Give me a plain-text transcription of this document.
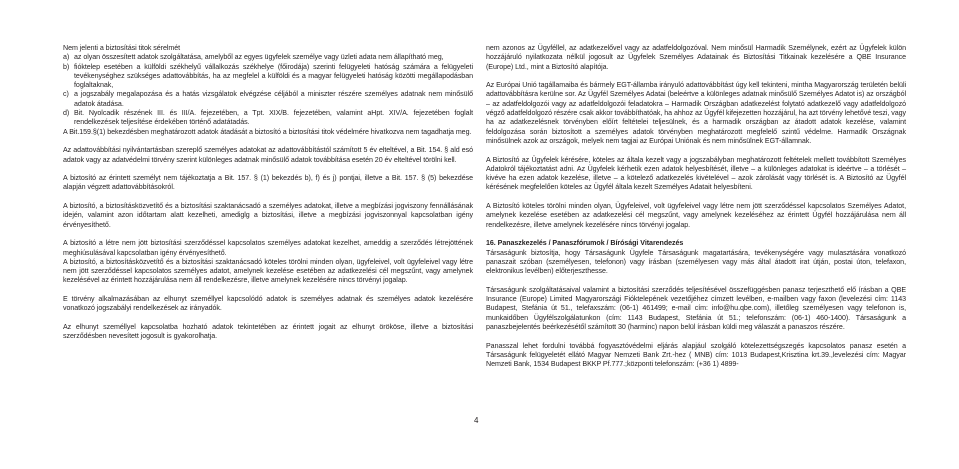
Nem jelenti a biztosítási titok sérelmét

a) az olyan összesített adatok szolgáltatása, amelyből az egyes ügyfelek személye vagy üzleti adata nem állapítható meg,
b) fióktelep esetében a külföldi székhelyű vállalkozás székhelye (főirodája) szerinti felügyeleti hatóság számára a felügyeleti tevékenységhez szükséges adattovábbítás, ha az megfelel a külföldi és a magyar felügyeleti hatóság közötti megállapodásban foglaltaknak,
c) a jogszabály megalapozása és a hatás vizsgálatok elvégzése céljából a miniszter részére személyes adatnak nem minősülő adatok átadása.
d) Bit. Nyolcadik részének III. és III/A. fejezetében, a Tpt. XIX/B. fejezetében, valamint aHpt. XIV/A. fejezetében foglalt rendelkezések teljesítése érdekében történő adatátadás.

A Bit.159.§(1) bekezdésben meghatározott adatok átadását a biztosító a biztosítási titok védelmére hivatkozva nem tagadhatja meg.

Az adattovábbítási nyilvántartásban szereplő személyes adatokat az adattovábbítástól számított 5 év elteltével, a Bit. 154. § ald esó adatok vagy az adatvédelmi törvény szerint különleges adatnak minősülő adatok továbbítása esetén 20 év elteltével törölni kell.

A biztosító az érintett személyt nem tájékoztatja a Bit. 157. § (1) bekezdés b), f) és j) pontjai, illetve a Bit. 157. § (5) bekezdése alapján végzett adattovábbításokról.

A biztosító, a biztosításközvetítő és a biztosítási szaktanácsadó a személyes adatokat, illetve a megbízási jogviszony fennállásának idején, valamint azon időtartam alatt kezelheti, amediglg a biztosítási, illetve a megbízási jogviszonnyal kapcsolatban igény érvényesíthető.

A biztosító a létre nem jött biztosítási szerződéssel kapcsolatos személyes adatokat kezelhet, ameddig a szerződés létrejöttének meghiúsulásával kapcsolatban igény érvényesíthető.

A biztosító, a biztosításközvetítő és a biztosítási szaktanácsadó köteles törölni minden olyan, ügyfeleivel, volt ügyfeleivel vagy létre nem jött szerződéssel kapcsolatos személyes adatot, amelynek kezelése esetében az adatkezelési cél megszűnt, vagy amelynek kezelésével az érintett hozzájárulása nem áll rendelkezésre, illetve amelynek kezelésére nincs törvényi jogalap.

E törvény alkalmazásában az elhunyt személlyel kapcsolódó adatok is személyes adatnak és személyes adatok kezelésére vonatkozó jogszabályi rendelkezések az irányadók.

Az elhunyt személlyel kapcsolatba hozható adatok tekintetében az érintett jogait az elhunyt örököse, illetve a biztosítási szerződésben nevesített jogosult is gyakorolhatja.

4

nem azonos az Ügyféllel, az adatkezelővel vagy az adatfeldolgozóval. Nem minősül Harmadik Személynek, ezért az Ügyfelek külön hozzájáruló nyilatkozata nélkül jogosult az Ügyfelek Személyes Adatainak és Biztosítási Titkainak kezelésére a QBE Insurance (Europe) Ltd., mint a Biztosító alapítója.

Az Európai Unió tagállamaiba és bármely EGT-államba irányuló adattovábbítást úgy kell tekinteni, mintha Magyarország területén belüli adattovábbításra kerülne sor. Az Ügyfél Személyes Adatai (beleértve a különleges adatnak minősülő Személyes Adatot is) az országból – az adatfeldolgozói vagy az adatfeldolgozói feladatokra – Harmadik Országban adatkezelést folytató adatkezelő vagy adatfeldolgozó végző adatfeldolgozó részére csak akkor továbbíthatóak, ha ahhoz az Ügyfél kifejezetten hozzájárul, ha azt törvény lehetővé teszi, vagy ha az adatkezelésnek törvényben előírt feltételei teljesülnek, és a harmadik országban az átadott adatok kezelése, valamint feldolgozása során biztosított a személyes adatok törvényben meghatározott megfelelő szintű védelme. Harmadik Országnak minősülnek azok az országok, melyek nem tagjai az Európai Uniónak és nem minősülnek EGT-államnak.

A Biztosító az Ügyfelek kérésére, köteles az általa kezelt vagy a jogszabályban meghatározott feltételek mellett továbbított Személyes Adatokról tájékoztatást adni. Az Ügyfelek kérhetik ezen adatok helyesbítését, illetve – a különleges adatokat is ideértve – a törlését – kivéve ha ezen adatok kezelése, illetve – a kötelező adatkezelés kivételével – azok zárolását vagy törlését is. A Biztosító az Ügyfél kérésének megfelelően köteles az Ügyfél általa kezelt Személyes Adatait helyesbíteni.

A Biztosító köteles törölni minden olyan, Ügyfeleivel, volt ügyfeleivel vagy létre nem jött szerződéssel kapcsolatos Személyes Adatot, amelynek kezelése esetében az adatkezelési cél megszűnt, vagy amelynek kezeléséhez az érintett Ügyfél hozzájárulása nem áll rendelkezésre, illetve amelynek kezelésére nincs törvényi jogalap.

16. Panaszkezelés / Panaszfórumok / Bírósági Vitarendezés

Társaságunk biztosítja, hogy Társaságunk Ügyfele Társaságunk magatartására, tevékenységére vagy mulasztására vonatkozó panaszait szóban (személyesen, telefonon) vagy írásban (személyesen vagy más által átadott irat útján, postai úton, telefaxon, elektronikus levélben) előterjeszthesse.

Társaságunk szolgáltatásaival valamint a biztosítási szerződés teljesítésével összefüggésben panasz terjeszthető elő írásban a QBE Insurance (Europe) Limited Magyarországi Fióktelepének vezetőjéhez címzett levélben, e-mailben vagy faxon (levelezési cím: 1143 Budapest, Stefánia út 51., telefaxszám: (06-1) 461499; e-mail cím: info@hu.qbe.com), illetőleg személyesen vagy telefonon is, munkaidőben Ügyfélszolgálatunkon (cím: 1143 Budapest, Stefánia út 51.; telefonszám: (06-1) 460-1400). Társaságunk a panaszbejelentés beérkezésétől számított 30 (harminc) napon belül írásban küldi meg válaszát a panaszos részére.

Panasszal lehet fordulni továbbá fogyasztóvédelmi eljárás alapjául szolgáló kötelezettségszegés kapcsolatos panasz esetén a Társaságunk felügyeletét ellátó Magyar Nemzeti Bank Zrt.-hez ( MNB) cím: 1013 Budapest,Krisztina krt.39.,levelezési cím: Magyar Nemzeti Bank, 1534 Budapest BKKP Pf.777.;központi telefonszám: (+36 1) 4899-
